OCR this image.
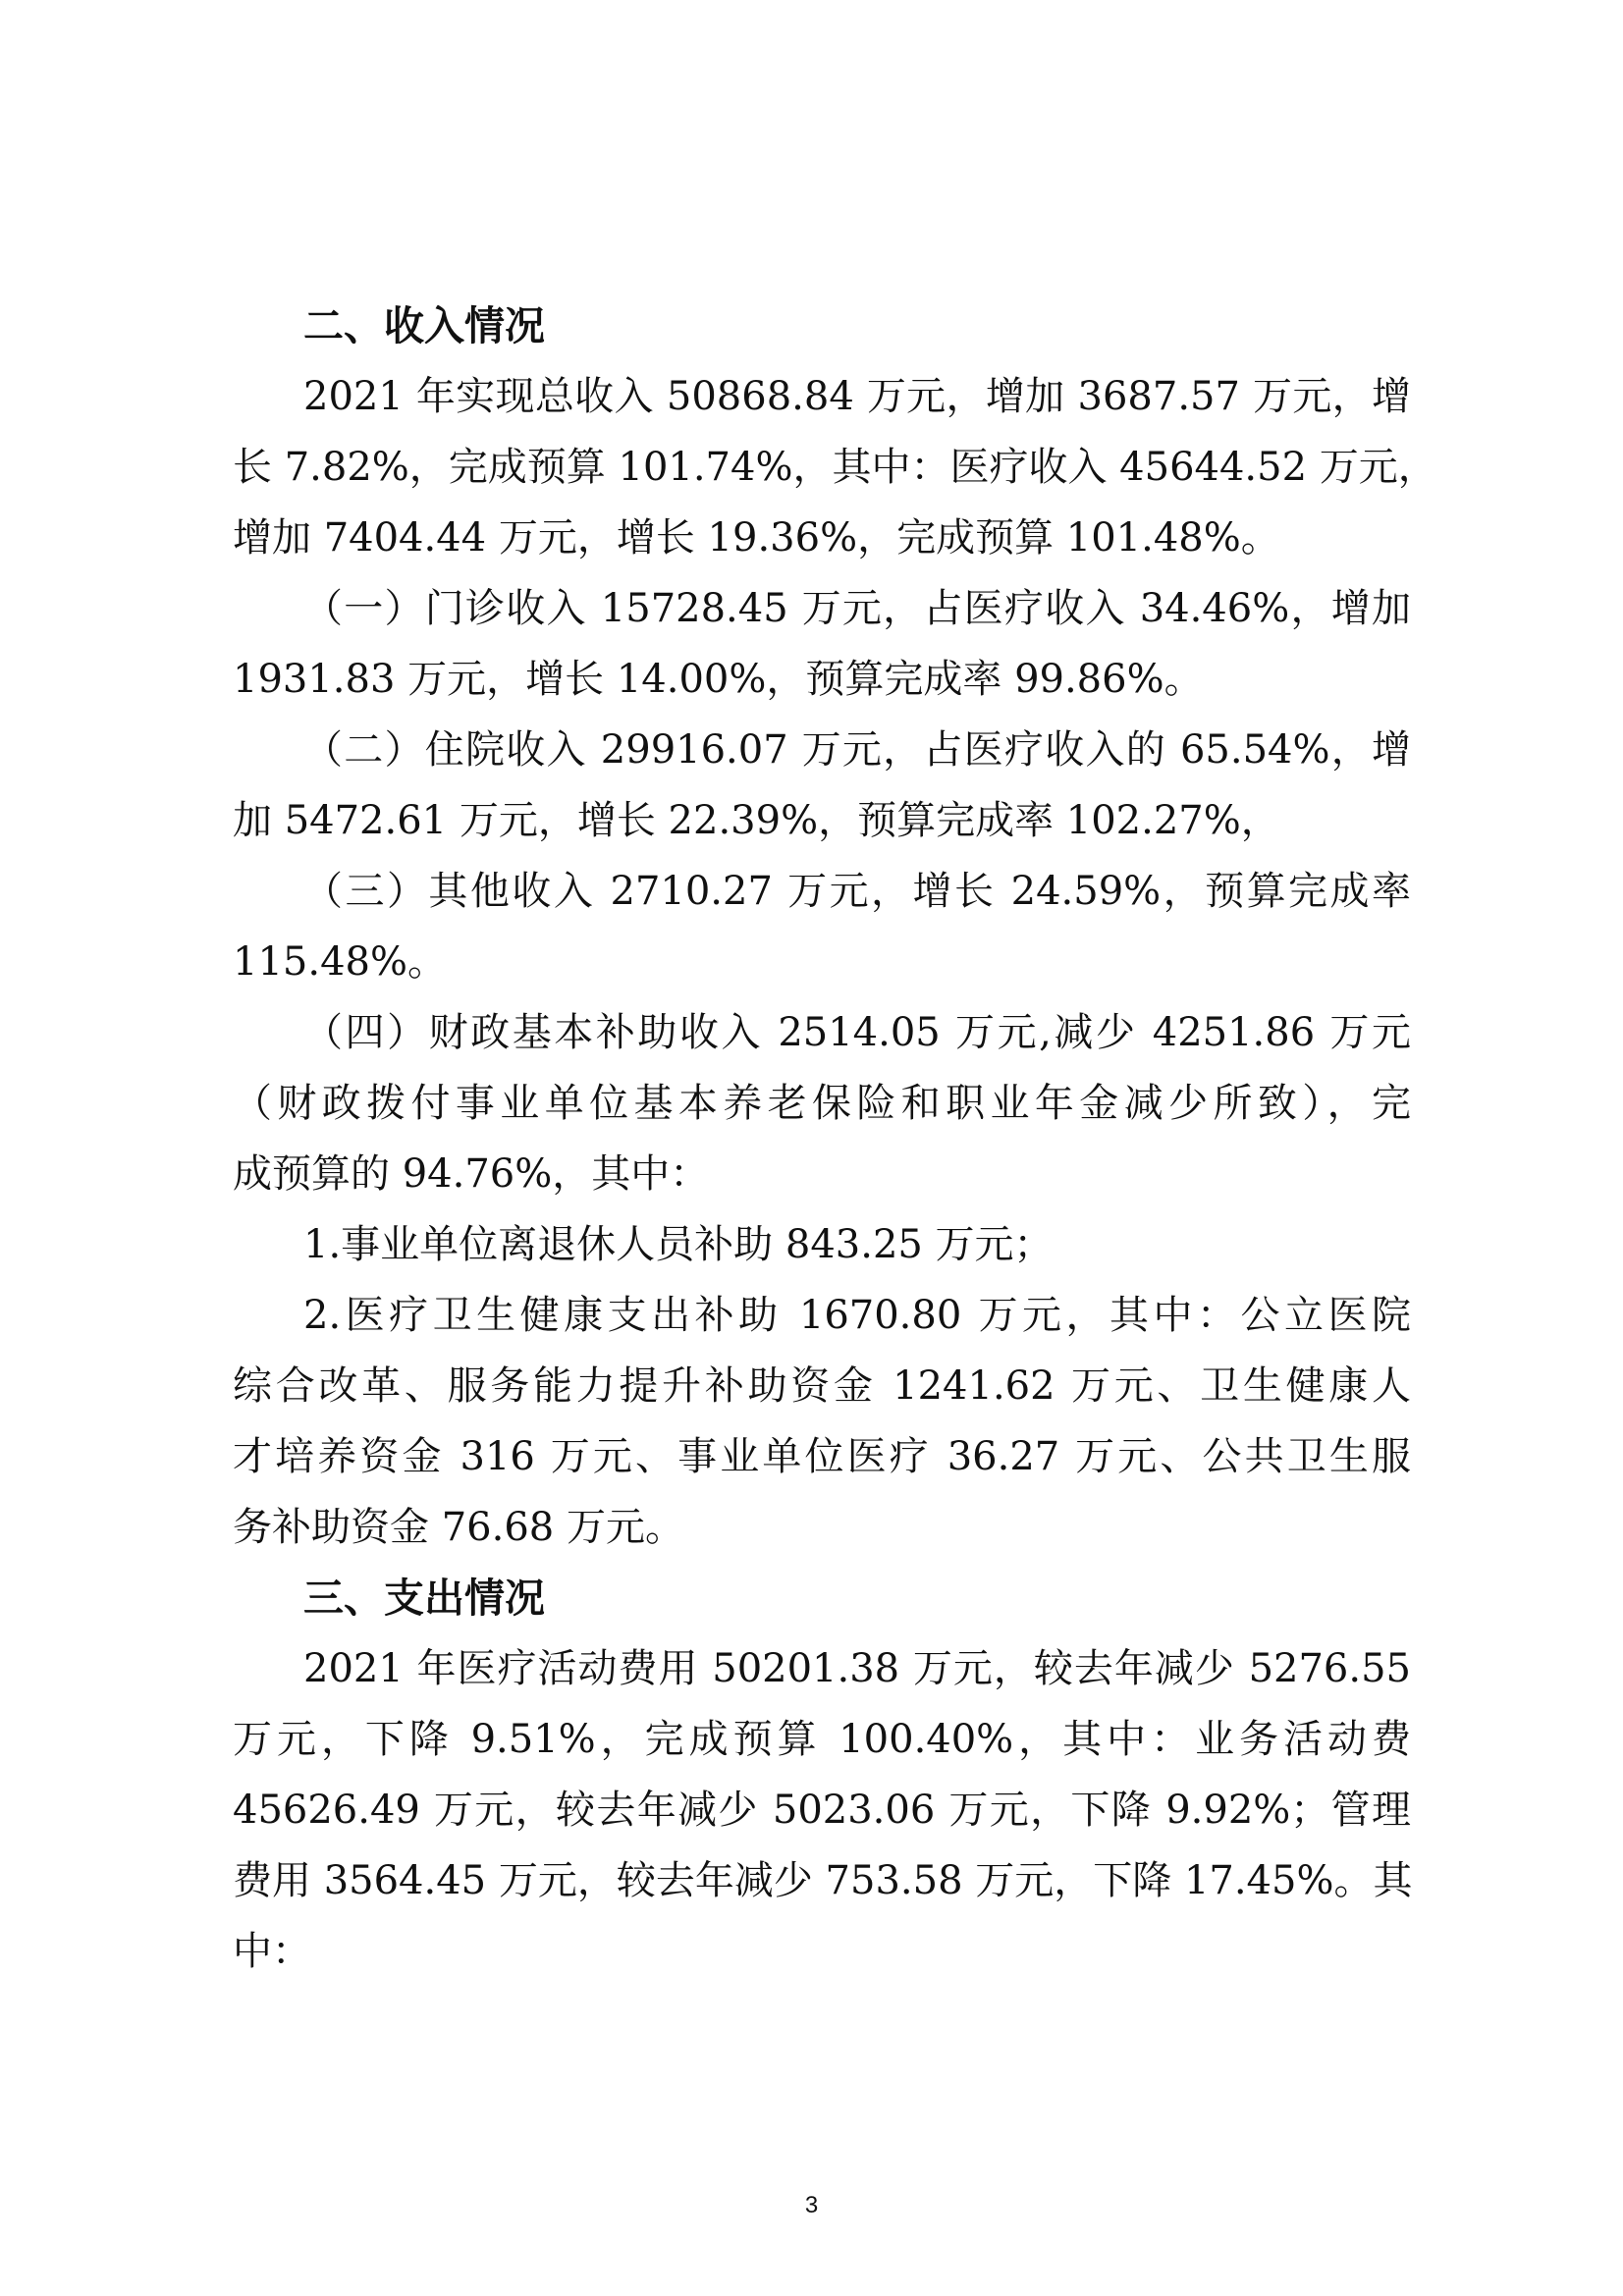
二、收入情况

2021 年实现总收入 50868.84 万元，增加 3687.57 万元，增

长 7.82%，完成预算 101.74%，其中：医疗收入 45644.52 万元，

增加 7404.44 万元，增长 19.36%，完成预算 101.48%。

（一）门诊收入 15728.45 万元，占医疗收入 34.46%，增加

1931.83 万元，增长 14.00%，预算完成率 99.86%。

（二）住院收入 29916.07 万元，占医疗收入的 65.54%，增

加 5472.61 万元，增长 22.39%，预算完成率 102.27%，

（三）其他收入 2710.27 万元，增长 24.59%，预算完成率

115.48%。

（四）财政基本补助收入 2514.05 万元,减少 4251.86 万元

（财政拨付事业单位基本养老保险和职业年金减少所致），完

成预算的 94.76%，其中：

1.事业单位离退休人员补助 843.25 万元；

2.医疗卫生健康支出补助 1670.80 万元，其中：公立医院

综合改革、服务能力提升补助资金 1241.62 万元、卫生健康人

才培养资金 316 万元、事业单位医疗 36.27 万元、公共卫生服

务补助资金 76.68 万元。

三、支出情况

2021 年医疗活动费用 50201.38 万元，较去年减少 5276.55

万元，下降 9.51%，完成预算 100.40%，其中：业务活动费

45626.49 万元，较去年减少 5023.06 万元，下降 9.92%；管理

费用 3564.45 万元，较去年减少 753.58 万元，下降 17.45%。其

中：

3
